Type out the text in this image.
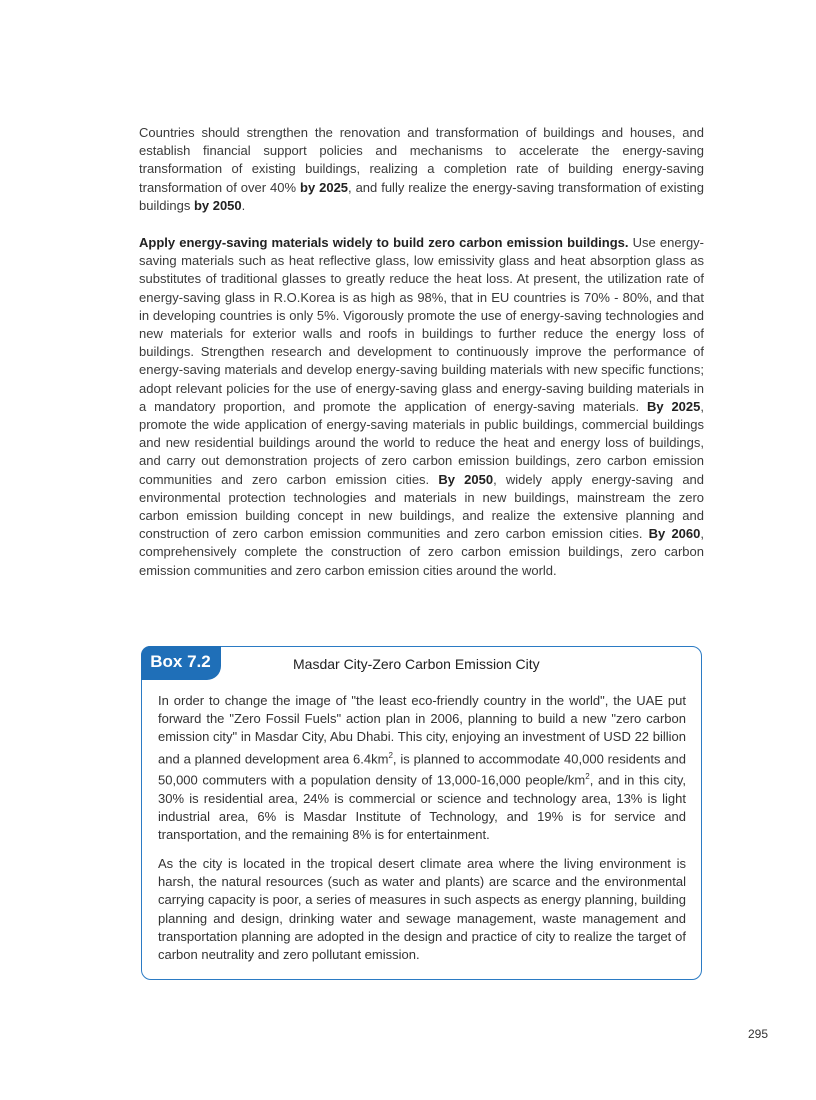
Countries should strengthen the renovation and transformation of buildings and houses, and establish financial support policies and mechanisms to accelerate the energy-saving transformation of existing buildings, realizing a completion rate of building energy-saving transformation of over 40% by 2025, and fully realize the energy-saving transformation of existing buildings by 2050.
Apply energy-saving materials widely to build zero carbon emission buildings. Use energy-saving materials such as heat reflective glass, low emissivity glass and heat absorption glass as substitutes of traditional glasses to greatly reduce the heat loss. At present, the utilization rate of energy-saving glass in R.O.Korea is as high as 98%, that in EU countries is 70% - 80%, and that in developing countries is only 5%. Vigorously promote the use of energy-saving technologies and new materials for exterior walls and roofs in buildings to further reduce the energy loss of buildings. Strengthen research and development to continuously improve the performance of energy-saving materials and develop energy-saving building materials with new specific functions; adopt relevant policies for the use of energy-saving glass and energy-saving building materials in a mandatory proportion, and promote the application of energy-saving materials. By 2025, promote the wide application of energy-saving materials in public buildings, commercial buildings and new residential buildings around the world to reduce the heat and energy loss of buildings, and carry out demonstration projects of zero carbon emission buildings, zero carbon emission communities and zero carbon emission cities. By 2050, widely apply energy-saving and environmental protection technologies and materials in new buildings, mainstream the zero carbon emission building concept in new buildings, and realize the extensive planning and construction of zero carbon emission communities and zero carbon emission cities. By 2060, comprehensively complete the construction of zero carbon emission buildings, zero carbon emission communities and zero carbon emission cities around the world.
Box 7.2	Masdar City-Zero Carbon Emission City
In order to change the image of "the least eco-friendly country in the world", the UAE put forward the "Zero Fossil Fuels" action plan in 2006, planning to build a new "zero carbon emission city" in Masdar City, Abu Dhabi. This city, enjoying an investment of USD 22 billion and a planned development area $6.4km^2$, is planned to accommodate 40,000 residents and 50,000 commuters with a population density of 13,000-16,000 people/$km^2$, and in this city, 30% is residential area, 24% is commercial or science and technology area, 13% is light industrial area, 6% is Masdar Institute of Technology, and 19% is for service and transportation, and the remaining 8% is for entertainment.
As the city is located in the tropical desert climate area where the living environment is harsh, the natural resources (such as water and plants) are scarce and the environmental carrying capacity is poor, a series of measures in such aspects as energy planning, building planning and design, drinking water and sewage management, waste management and transportation planning are adopted in the design and practice of city to realize the target of carbon neutrality and zero pollutant emission.
295
